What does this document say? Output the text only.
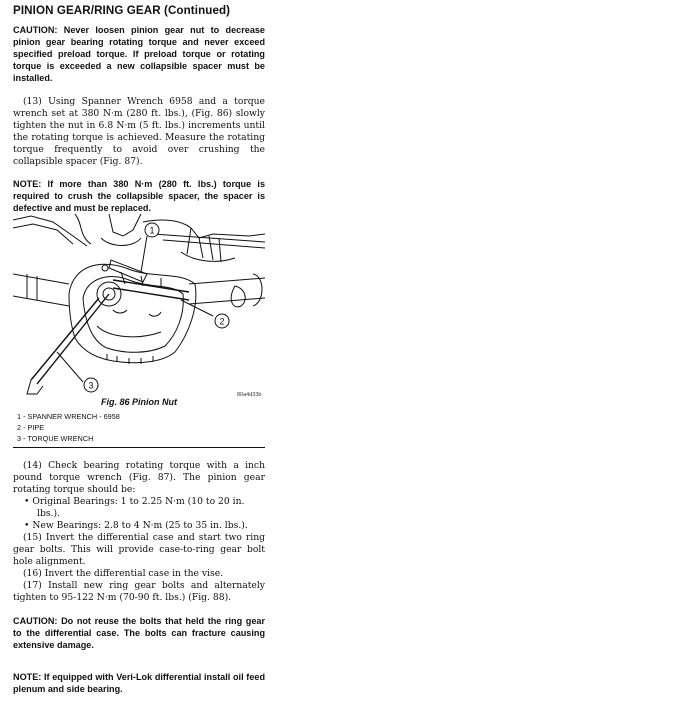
PINION GEAR/RING GEAR (Continued)

CAUTION: Never loosen pinion gear nut to decrease pinion gear bearing rotating torque and never exceed specified preload torque. If preload torque or rotating torque is exceeded a new collapsible spacer must be installed.

(13) Using Spanner Wrench 6958 and a torque wrench set at 380 N·m (280 ft. lbs.), (Fig. 86) slowly tighten the nut in 6.8 N·m (5 ft. lbs.) increments until the rotating torque is achieved. Measure the rotating torque frequently to avoid over crushing the collapsible spacer (Fig. 87).

NOTE: If more than 380 N·m (280 ft. lbs.) torque is required to crush the collapsible spacer, the spacer is defective and must be replaced.

1
2
3
80a4d33b
Fig. 86 Pinion Nut
1 - SPANNER WRENCH - 6958
2 - PIPE
3 - TORQUE WRENCH

(14) Check bearing rotating torque with a inch pound torque wrench (Fig. 87). The pinion gear rotating torque should be:

• Original Bearings: 1 to 2.25 N·m (10 to 20 in. lbs.).

• New Bearings: 2.8 to 4 N·m (25 to 35 in. lbs.).

(15) Invert the differential case and start two ring gear bolts. This will provide case-to-ring gear bolt hole alignment.

(16) Invert the differential case in the vise.

(17) Install new ring gear bolts and alternately tighten to 95-122 N·m (70-90 ft. lbs.) (Fig. 88).

CAUTION: Do not reuse the bolts that held the ring gear to the differential case. The bolts can fracture causing extensive damage.

NOTE: If equipped with Veri-Lok differential install oil feed plenum and side bearing.
